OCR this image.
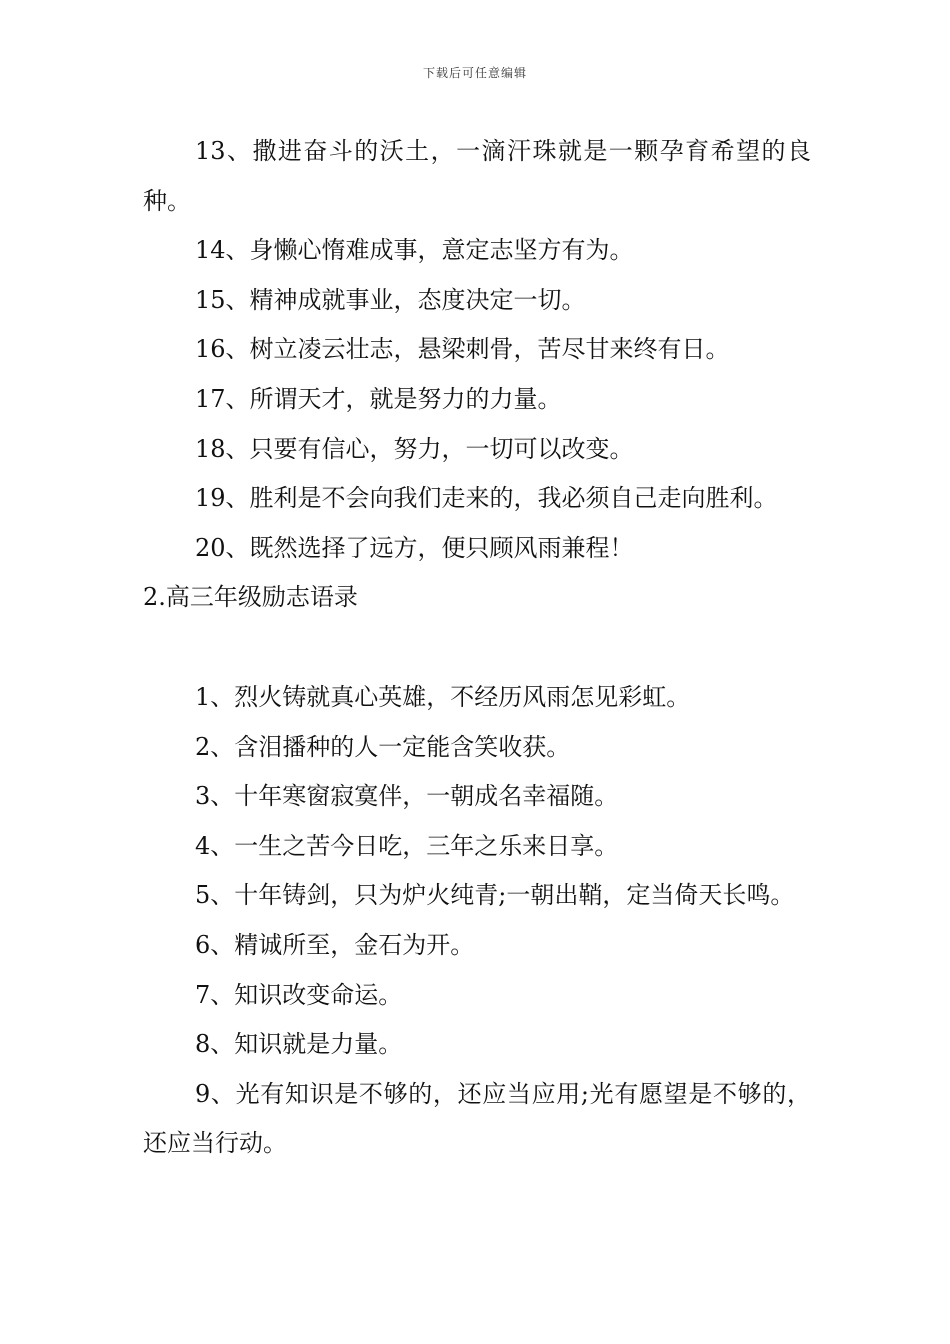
下载后可任意编辑

13、撒进奋斗的沃土，一滴汗珠就是一颗孕育希望的良种。

14、身懒心惰难成事，意定志坚方有为。

15、精神成就事业，态度决定一切。

16、树立凌云壮志，悬梁刺骨，苦尽甘来终有日。

17、所谓天才，就是努力的力量。

18、只要有信心，努力，一切可以改变。

19、胜利是不会向我们走来的，我必须自己走向胜利。

20、既然选择了远方，便只顾风雨兼程！

2.高三年级励志语录

1、烈火铸就真心英雄，不经历风雨怎见彩虹。

2、含泪播种的人一定能含笑收获。

3、十年寒窗寂寞伴，一朝成名幸福随。

4、一生之苦今日吃，三年之乐来日享。

5、十年铸剑，只为炉火纯青;一朝出鞘，定当倚天长鸣。

6、精诚所至，金石为开。

7、知识改变命运。

8、知识就是力量。

9、光有知识是不够的，还应当应用;光有愿望是不够的，还应当行动。
